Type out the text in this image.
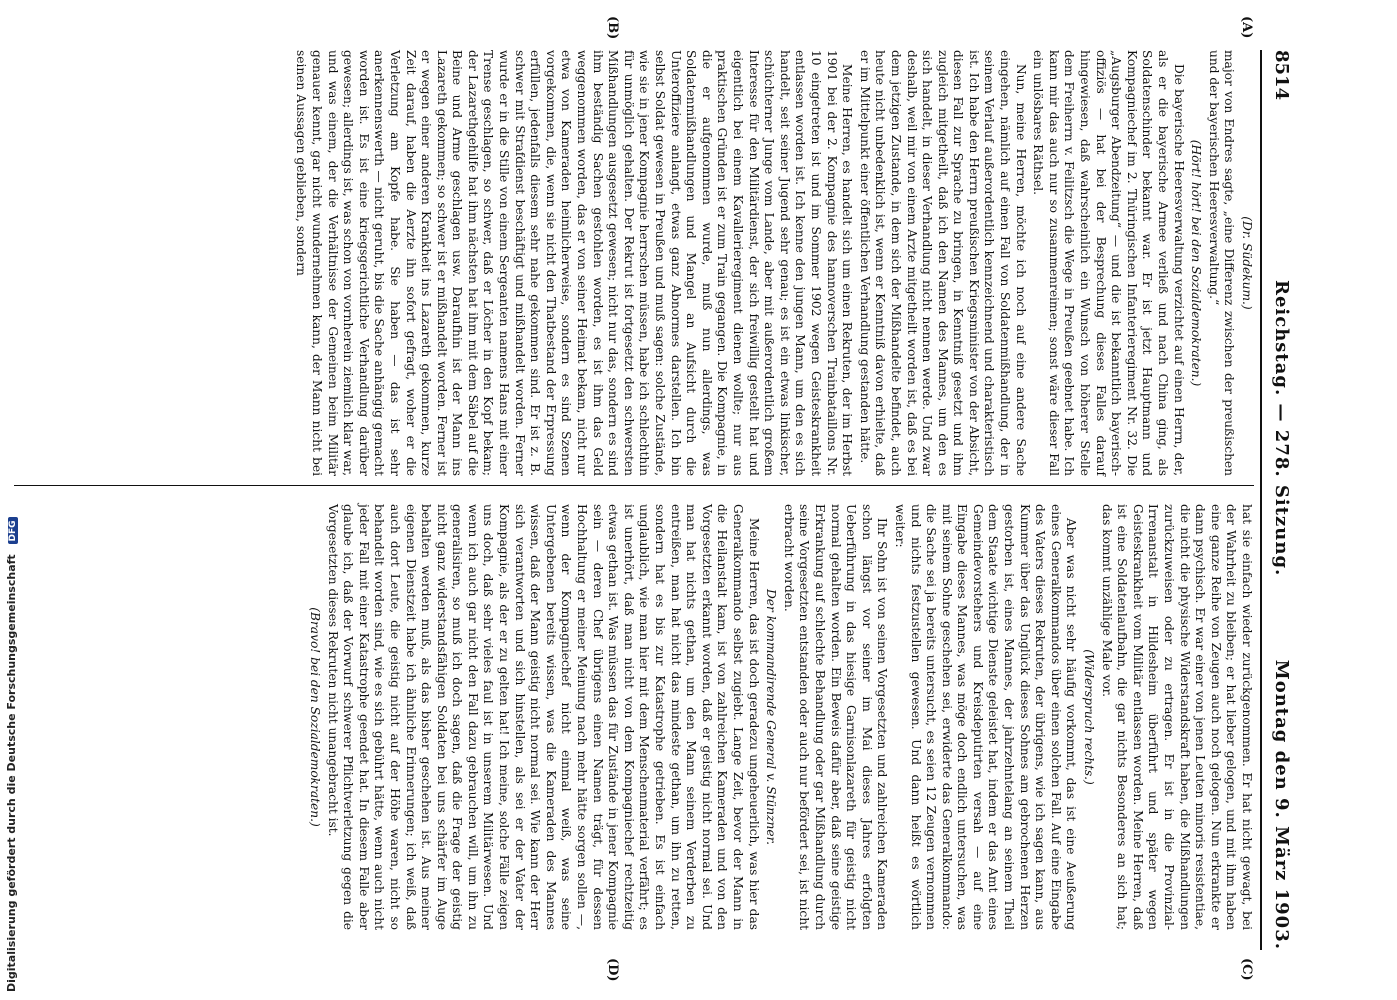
8514
Reichstag. — 278. Sitzung.
Montag den 9. März 1903.
(A)
(B)
(C)
(D)

(Dr. Südekum.)

major von Endres sagte, „eine Differenz zwischen der preußischen und der bayerischen Heeresverwaltung.“

(Hört! hört! bei den Sozialdemokraten.)

Die bayerische Heeresverwaltung verzichtet auf einen Herrn, der, als er die bayerische Armee verließ und nach China ging, als Soldatenschinder bekannt war. Er ist jetzt Hauptmann und Kompagniechef im 2. Thüringischen Infanterieregiment Nr. 32. Die „Augsburger Abendzeitung“ — und die ist bekanntlich bayerisch-offiziös — hat bei der Besprechung dieses Falles darauf hingewiesen, daß wahrscheinlich ein Wunsch von höherer Stelle dem Freiherrn v. Feilitzsch die Wege in Preußen geebnet habe. Ich kann mir das auch nur so zusammenreimen; sonst wäre dieser Fall ein unlösbares Räthsel.

Nun, meine Herren, möchte ich noch auf eine andere Sache eingehen, nämlich auf einen Fall von Soldatenmißhandlung, der in seinem Verlauf außerordentlich kennzeichnend und charakteristisch ist. Ich habe den Herrn preußischen Kriegsminister von der Absicht, diesen Fall zur Sprache zu bringen, in Kenntniß gesetzt und ihm zugleich mitgetheilt, daß ich den Namen des Mannes, um den es sich handelt, in dieser Verhandlung nicht nennen werde. Und zwar deshalb, weil mir von einem Arzte mitgetheilt worden ist, daß es bei dem jetzigen Zustande, in dem sich der Mißhandelte befindet, auch heute nicht unbedenklich ist, wenn er Kenntniß davon erhielte, daß er im Mittelpunkt einer öffentlichen Verhandlung gestanden hätte.

Meine Herren, es handelt sich um einen Rekruten, der im Herbst 1901 bei der 2. Kompagnie des hannoverschen Trainbataillons Nr. 10 eingetreten ist und im Sommer 1902 wegen Geisteskrankheit entlassen worden ist. Ich kenne den jungen Mann, um den es sich handelt, seit seiner Jugend sehr genau; es ist ein etwas linkischer, schüchterner Junge vom Lande, aber mit außerordentlich großem Interesse für den Militärdienst, der sich freiwillig gestellt hat und eigentlich bei einem Kavallerieregiment dienen wollte; nur aus praktischen Gründen ist er zum Train gegangen. Die Kompagnie, in die er aufgenommen wurde, muß nun allerdings, was Soldatenmißhandlungen und Mangel an Aufsicht durch die Unteroffiziere anlangt, etwas ganz Abnormes darstellen. Ich bin selbst Soldat gewesen in Preußen und muß sagen: solche Zustände, wie sie in jener Kompagnie herrschen müssen, habe ich schlechthin für unmöglich gehalten. Der Rekrut ist fortgesetzt den schwersten Mißhandlungen ausgesetzt gewesen; nicht nur das, sondern es sind ihm beständig Sachen gestohlen worden, es ist ihm das Geld weggenommen worden, das er von seiner Heimat bekam, nicht nur etwa von Kameraden heimlicherweise, sondern es sind Szenen vorgekommen, die, wenn sie nicht den Thatbestand der Erpressung erfüllen, jedenfalls diesem sehr nahe gekommen sind. Er ist z. B. schwer mit Strafdienst beschäftigt und mißhandelt worden. Ferner wurde er in die Stille von einem Sergeanten namens Hans mit einer Trense geschlagen, so schwer, daß er Löcher in den Kopf bekam; der Lazarethgehilfe hat ihm nächsten hat ihm mit dem Säbel auf die Beine und Arme geschlagen usw. Daraufhin ist der Mann ins Lazareth gekommen; so schwer ist er mißhandelt worden. Ferner ist er wegen einer anderen Krankheit ins Lazareth gekommen, kurze Zeit darauf, haben die Aerzte ihn sofort gefragt, woher er die Verletzung am Kopfe habe. Sie haben — das ist sehr anerkennenswerth — nicht geruht, bis die Sache anhängig gemacht worden ist. Es ist eine kriegsgerichtliche Verhandlung darüber gewesen; allerdings ist, was schon von vornherein ziemlich klar war, und was einem, der die Verhältnisse der Gemeinen beim Militär genauer kennt, gar nicht wundernehmen kann, der Mann nicht bei seinen Aussagen geblieben, sondern

hat sie einfach wieder zurückgenommen. Er hat nicht gewagt, bei der Wahrheit zu bleiben; er hat lieber gelogen, und mit ihm haben eine ganze Reihe von Zeugen auch noch gelogen. Nun erkrankte er dann psychisch. Er war einer von jenen Leuten minoris resistentiae, die nicht die physische Widerstandskraft haben, die Mißhandlungen zurückzuweisen oder zu ertragen. Er ist in die Provinzial-Irrenanstalt in Hildesheim überführt und später wegen Geisteskrankheit vom Militär entlassen worden. Meine Herren, daß ist eine Soldatenlaufbahn, die gar nichts Besonderes an sich hat; das kommt unzählige Male vor.

(Widerspruch rechts.)

Aber was nicht sehr häufig vorkommt, das ist eine Aeußerung eines Generalkommandos über einen solchen Fall. Auf eine Eingabe des Vaters dieses Rekruten, der übrigens, wie ich sagen kann, aus Kummer über das Unglück dieses Sohnes am gebrochenen Herzen gestorben ist, eines Mannes, der jahrzehntelang an seinem Theil dem Staate wichtige Dienste geleistet hat, indem er das Amt eines Gemeindevorstehers und Kreisdeputirten versah — auf eine Eingabe dieses Mannes, was möge doch endlich untersuchen, was mit seinem Sohne geschehen sei, erwiderte das Generalkommando: die Sache sei ja bereits untersucht, es seien 12 Zeugen vernommen und nichts festzustellen gewesen. Und dann heißt es wörtlich weiter:

Ihr Sohn ist von seinen Vorgesetzten und zahlreichen Kameraden schon längst vor seiner im Mai dieses Jahres erfolgten Ueberführung in das hiesige Garnisonlazareth für geistig nicht normal gehalten worden. Ein Beweis dafür aber, daß seine geistige Erkrankung auf schlechte Behandlung oder gar Mißhandlung durch seine Vorgesetzten entstanden oder auch nur befördert sei, ist nicht erbracht worden.

Der kommandirende General v. Stünzner.

Meine Herren, das ist doch geradezu ungeheuerlich, was hier das Generalkommando selbst zugiebt. Lange Zeit, bevor der Mann in die Heilanstalt kam, ist von zahlreichen Kameraden und von den Vorgesetzten erkannt worden, daß er geistig nicht normal sei. Und man hat nichts gethan, um den Mann seinem Verderben zu entreißen, man hat nicht das mindeste gethan, um ihn zu retten, sondern hat es bis zur Katastrophe getrieben. Es ist einfach unglaublich, wie man hier mit dem Menschenmaterial verfährt; es ist unerhört, daß man nicht von dem Kompagniechef rechtzeitig etwas gethan ist. Was müssen das für Zustände in jener Kompagnie sein — deren Chef übrigens einen Namen trägt, für dessen Hochhaltung er meiner Meinung nach mehr hätte sorgen sollen —, wenn der Kompagniechef nicht einmal weiß, was seine Untergebenen bereits wissen, was die Kameraden des Mannes wissen, daß der Mann geistig nicht normal sei. Wie kann der Herr sich verantworten und sich hinstellen, als sei er der Vater der Kompagnie, als der er zu gelten hat! Ich meine, solche Fälle zeigen uns doch, daß sehr vieles faul ist in unserem Militärwesen. Und wenn ich auch gar nicht den Fall dazu gebrauchen will, um ihn zu generalisiren, so muß ich doch sagen, daß die Frage der geistig nicht ganz widerstandsfähigen Soldaten bei uns schärfer im Auge behalten werden muß, als das bisher geschehen ist. Aus meiner eigenen Dienstzeit habe ich ähnliche Erinnerungen; ich weiß, daß auch dort Leute, die geistig nicht auf der Höhe waren, nicht so behandelt worden sind, wie es sich gebührt hätte, wenn auch nicht jeder Fall mit einer Katastrophe geendet hat. In diesem Falle aber glaube ich, daß der Vorwurf schwerer Pflichtverletzung gegen die Vorgesetzten dieses Rekruten nicht unangebracht ist.

(Bravo! bei den Sozialdemokraten.)

Digitalisierung gefördert durch die Deutsche Forschungsgemeinschaft DFG
